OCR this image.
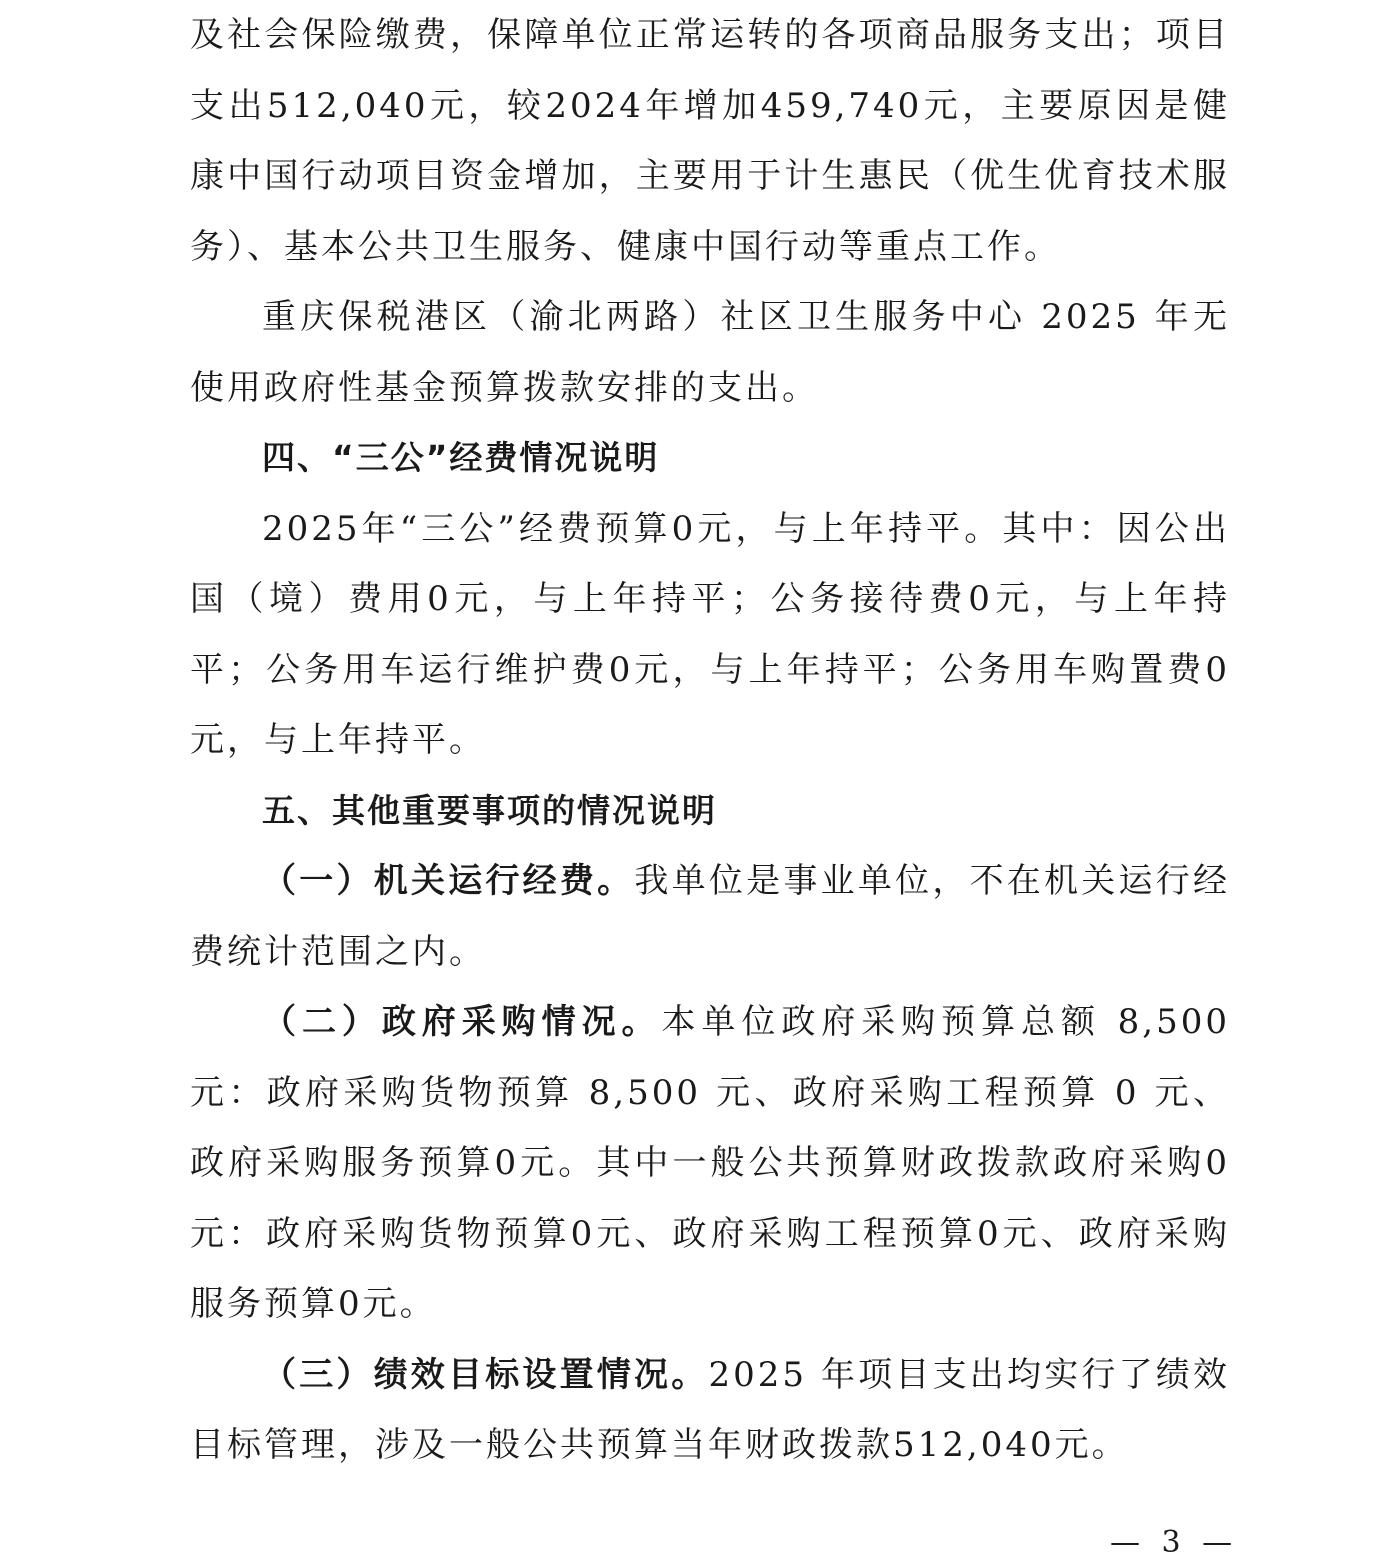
及社会保险缴费，保障单位正常运转的各项商品服务支出；项目支出512,040元，较2024年增加459,740元，主要原因是健康中国行动项目资金增加，主要用于计生惠民（优生优育技术服务）、基本公共卫生服务、健康中国行动等重点工作。

重庆保税港区（渝北两路）社区卫生服务中心 2025 年无使用政府性基金预算拨款安排的支出。

四、“三公”经费情况说明

2025年“三公”经费预算0元，与上年持平。其中：因公出国（境）费用0元，与上年持平；公务接待费0元，与上年持平；公务用车运行维护费0元，与上年持平；公务用车购置费0元，与上年持平。

五、其他重要事项的情况说明

（一）机关运行经费。我单位是事业单位，不在机关运行经费统计范围之内。

（二）政府采购情况。本单位政府采购预算总额 8,500 元：政府采购货物预算 8,500 元、政府采购工程预算 0 元、政府采购服务预算0元。其中一般公共预算财政拨款政府采购0元：政府采购货物预算0元、政府采购工程预算0元、政府采购服务预算0元。

（三）绩效目标设置情况。2025 年项目支出均实行了绩效目标管理，涉及一般公共预算当年财政拨款512,040元。

— 3 —
